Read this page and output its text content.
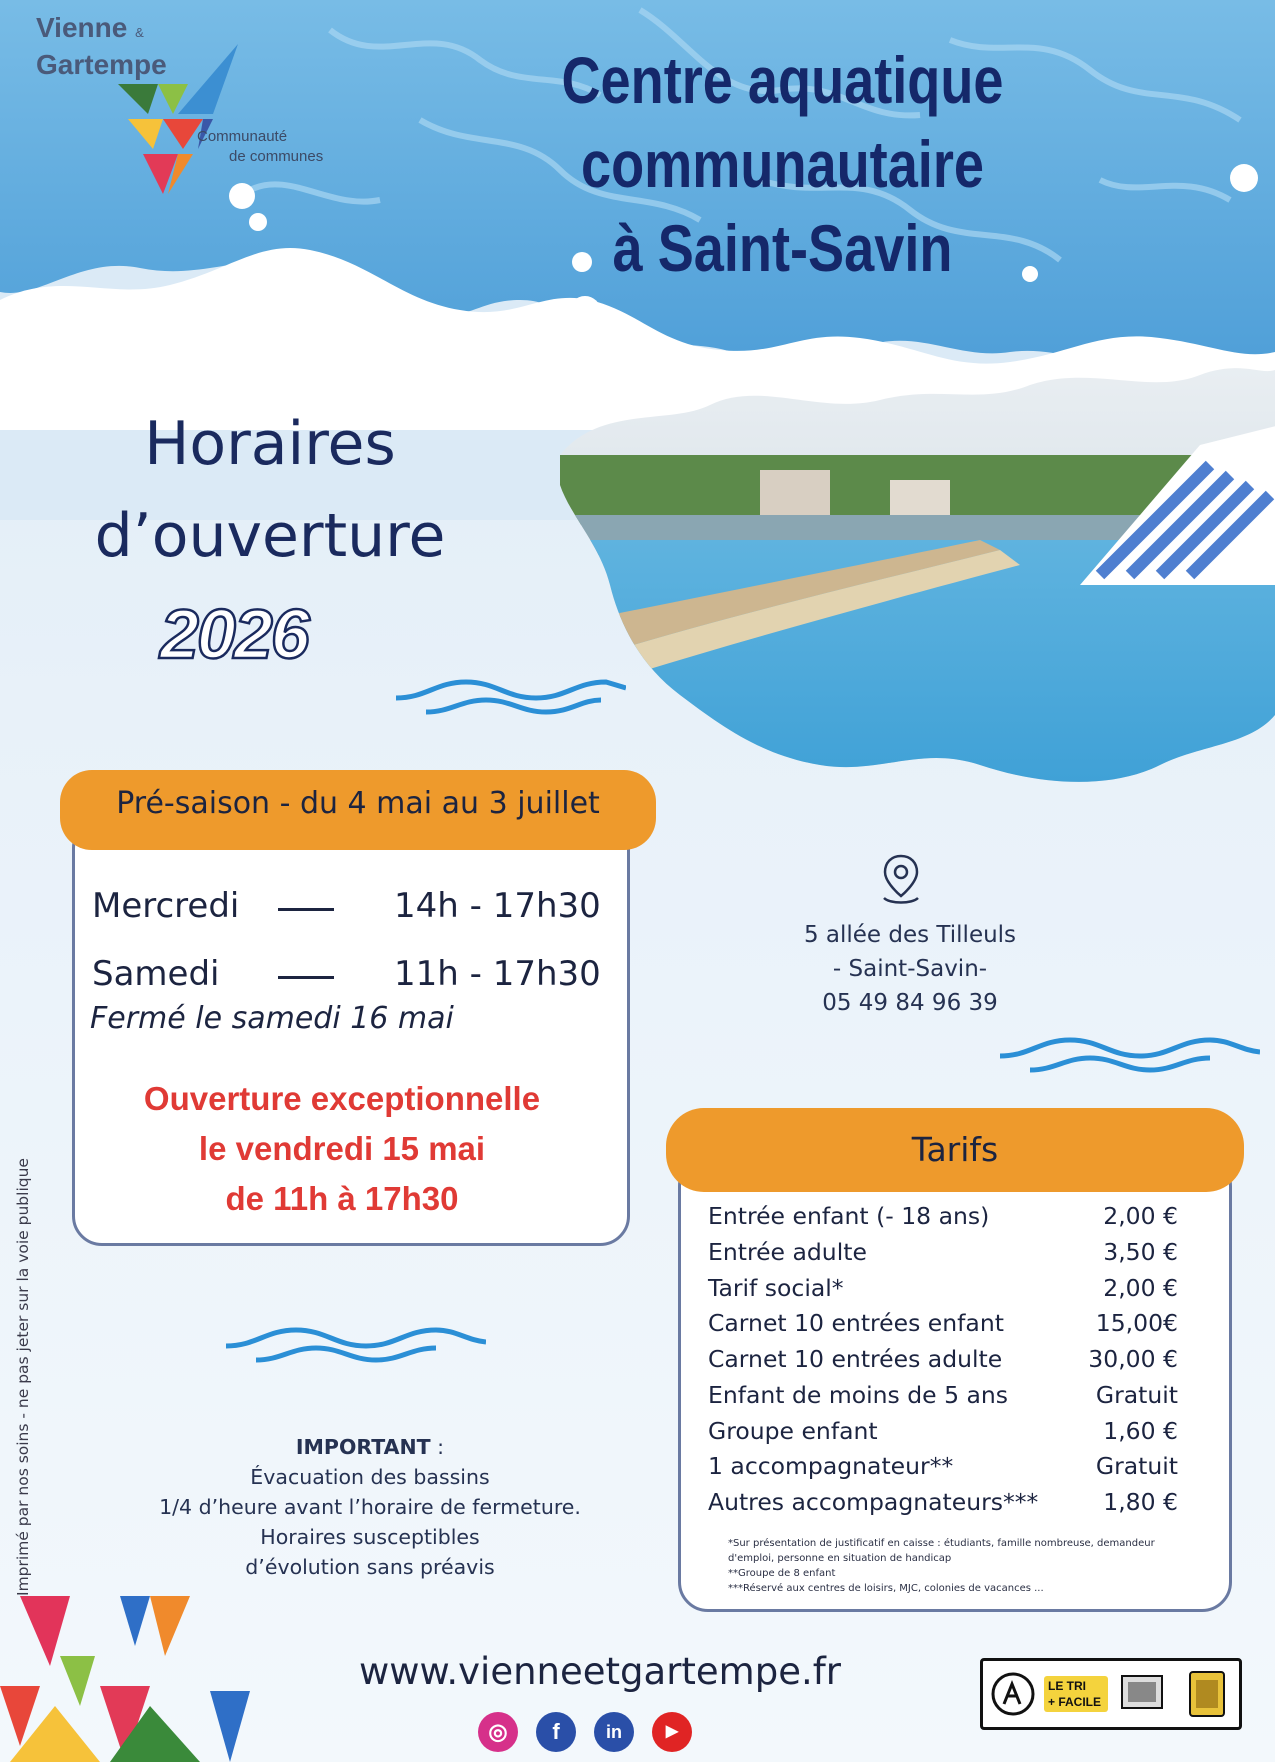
Vienne &
Gartempe
Communauté
de communes
Centre aquatique communautaire
à Saint-Savin
Horaires
d’ouverture
2026
Pré-saison - du 4 mai au 3 juillet
Mercredi	14h - 17h30
Samedi	11h - 17h30
Fermé le samedi 16 mai
Ouverture exceptionnelle
le vendredi 15 mai
de 11h à 17h30
5 allée des Tilleuls
- Saint-Savin-
05 49 84 96 39
Tarifs
Entrée enfant (- 18 ans)	2,00 €
Entrée adulte	3,50 €
Tarif social*	2,00 €
Carnet 10 entrées enfant	15,00€
Carnet 10 entrées adulte	30,00 €
Enfant de moins de 5 ans	Gratuit
Groupe enfant	1,60 €
1 accompagnateur**	Gratuit
Autres accompagnateurs***	1,80 €
*Sur présentation de justificatif en caisse : étudiants, famille nombreuse, demandeur d'emploi, personne en situation de handicap
**Groupe de 8 enfant
***Réservé aux centres de loisirs, MJC, colonies de vacances ...
IMPORTANT :
Évacuation des bassins
1/4 d’heure avant l’horaire de fermeture.
Horaires susceptibles
d’évolution sans préavis
Imprimé par nos soins - ne pas jeter sur la voie publique
www.vienneetgartempe.fr
◎	f	in	▶
LE TRI
+ FACILE
